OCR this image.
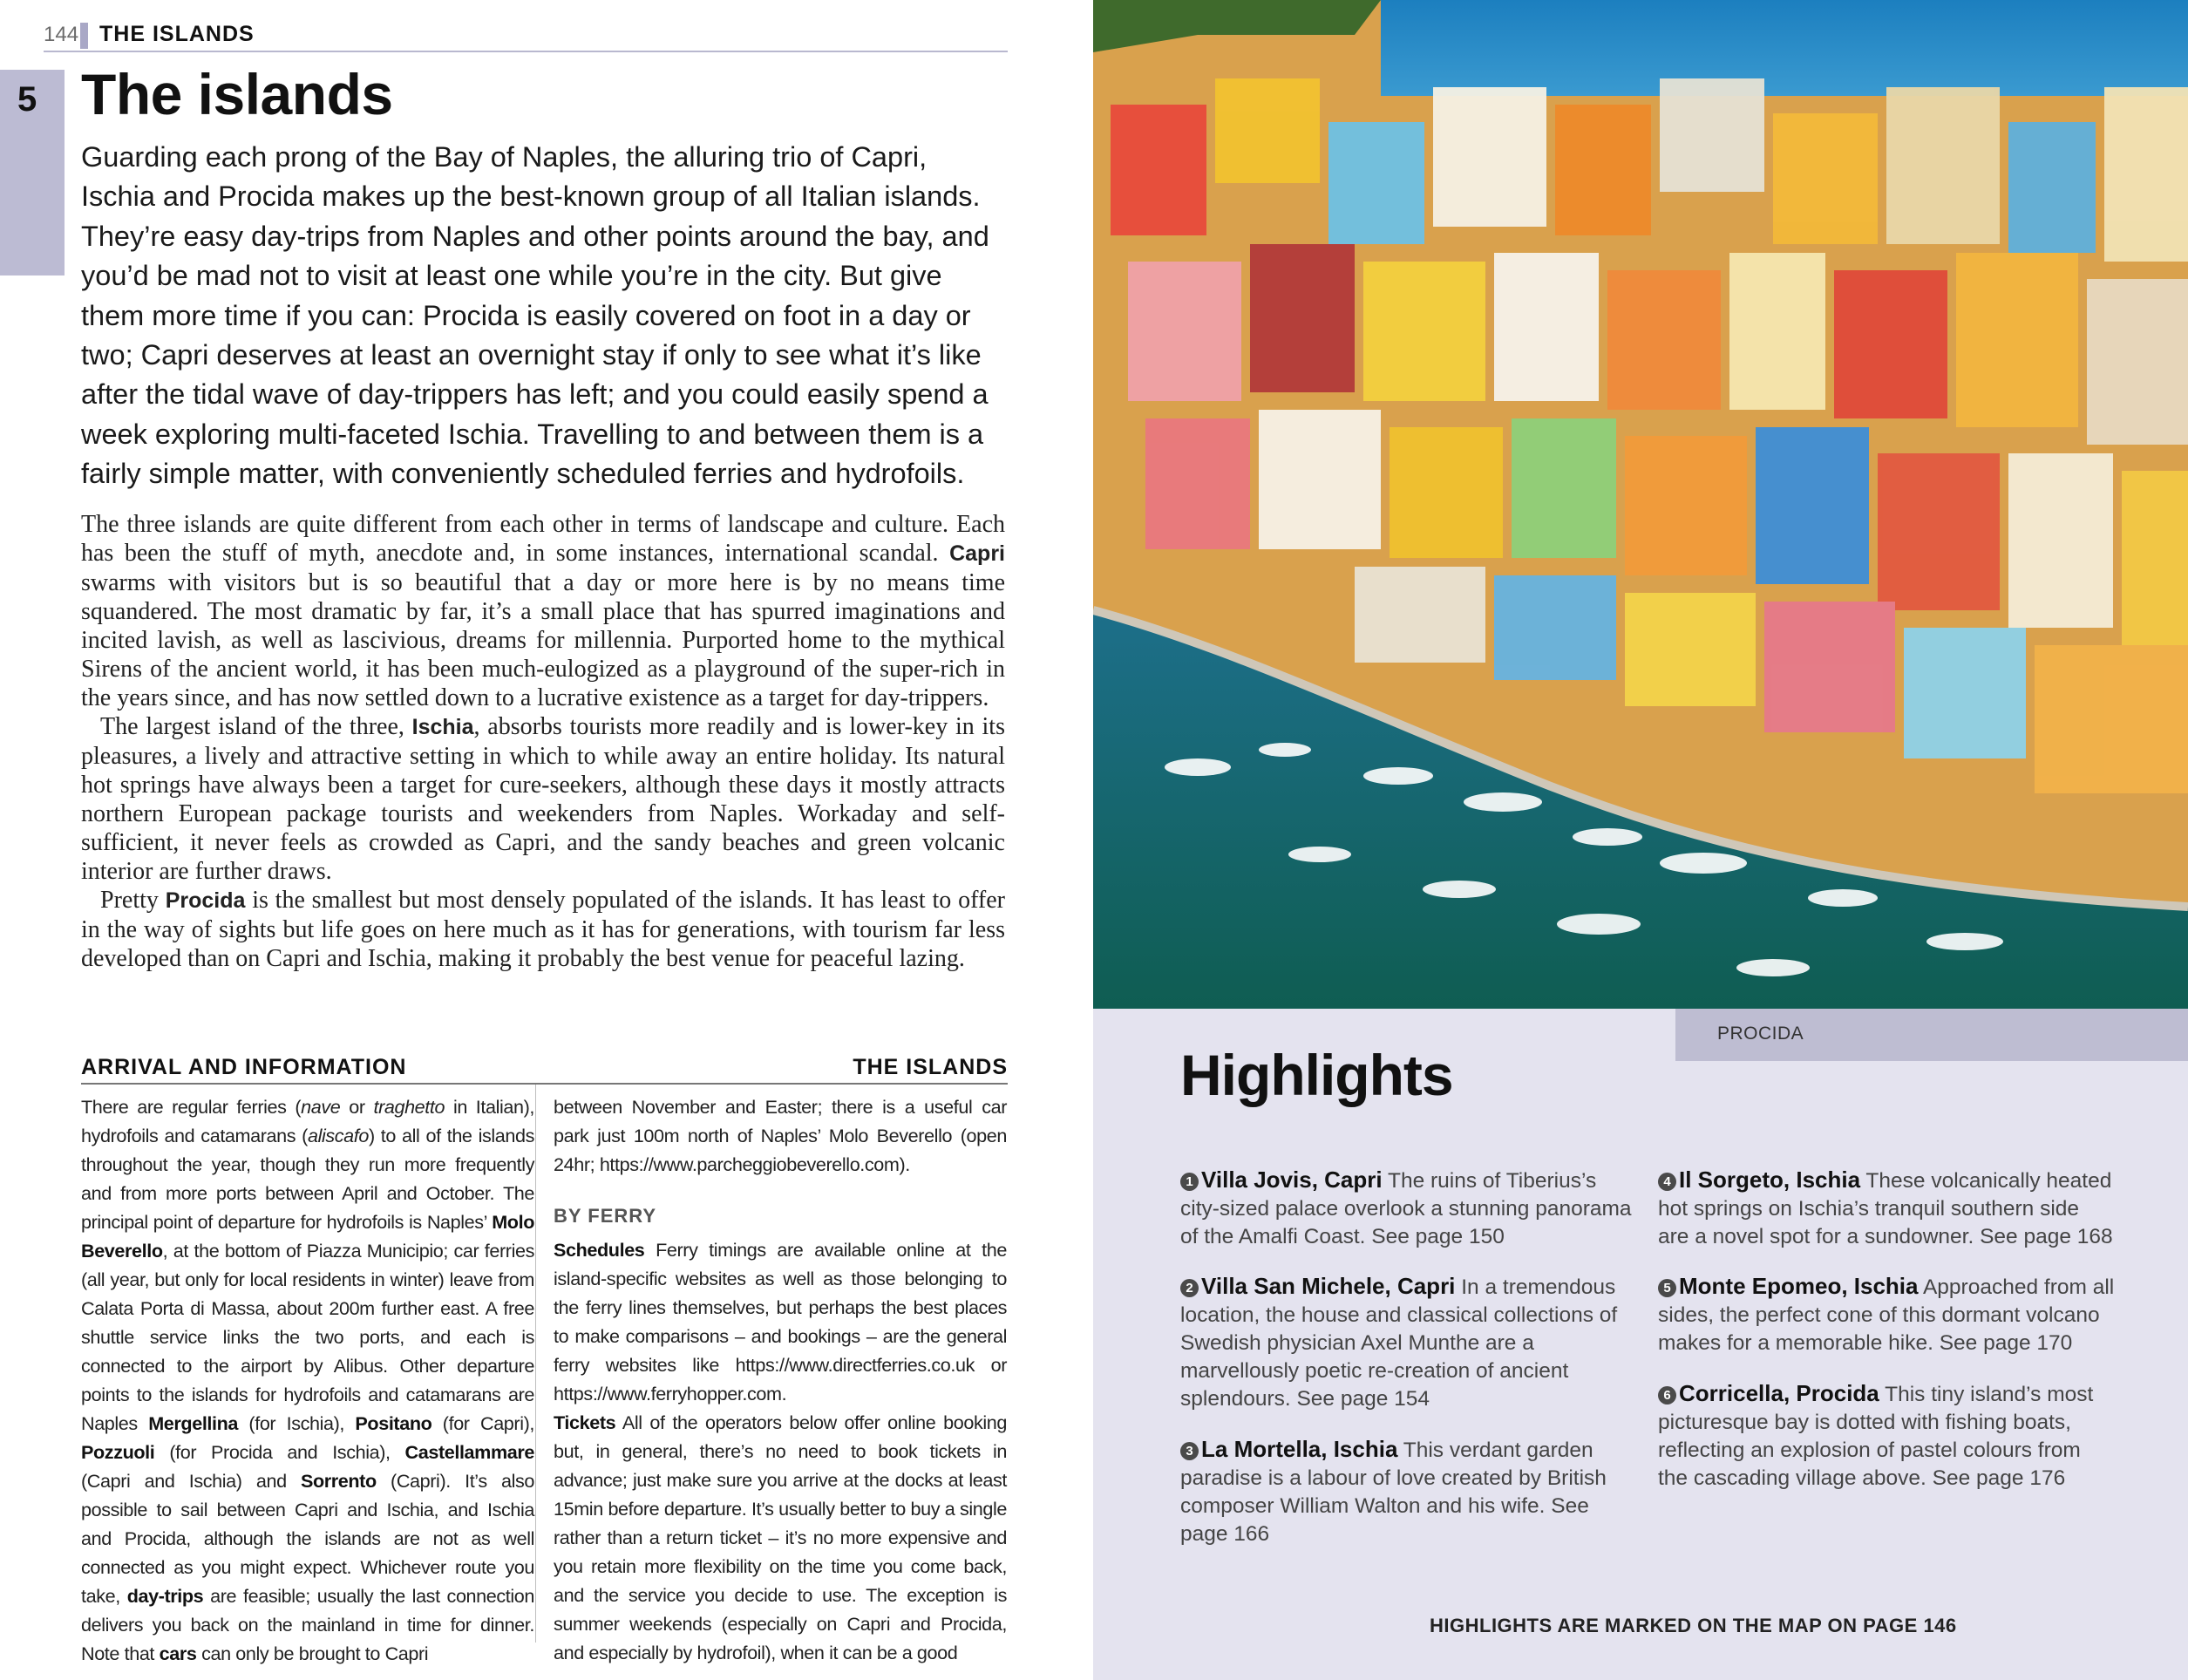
144 THE ISLANDS
5 The islands

Guarding each prong of the Bay of Naples, the alluring trio of Capri, Ischia and Procida makes up the best-known group of all Italian islands. They’re easy day-trips from Naples and other points around the bay, and you’d be mad not to visit at least one while you’re in the city. But give them more time if you can: Procida is easily covered on foot in a day or two; Capri deserves at least an overnight stay if only to see what it’s like after the tidal wave of day-trippers has left; and you could easily spend a week exploring multi-faceted Ischia. Travelling to and between them is a fairly simple matter, with conveniently scheduled ferries and hydrofoils.

The three islands are quite different from each other in terms of landscape and culture. Each has been the stuff of myth, anecdote and, in some instances, international scandal. Capri swarms with visitors but is so beautiful that a day or more here is by no means time squandered. The most dramatic by far, it’s a small place that has spurred imaginations and incited lavish, as well as lascivious, dreams for millennia. Purported home to the mythical Sirens of the ancient world, it has been much-eulogized as a playground of the super-rich in the years since, and has now settled down to a lucrative existence as a target for day-trippers.

The largest island of the three, Ischia, absorbs tourists more readily and is lower-key in its pleasures, a lively and attractive setting in which to while away an entire holiday. Its natural hot springs have always been a target for cure-seekers, although these days it mostly attracts northern European package tourists and weekenders from Naples. Workaday and self-sufficient, it never feels as crowded as Capri, and the sandy beaches and green volcanic interior are further draws.

Pretty Procida is the smallest but most densely populated of the islands. It has least to offer in the way of sights but life goes on here much as it has for generations, with tourism far less developed than on Capri and Ischia, making it probably the best venue for peaceful lazing.

ARRIVAL AND INFORMATION	THE ISLANDS

There are regular ferries (nave or traghetto in Italian), hydrofoils and catamarans (aliscafo) to all of the islands throughout the year, though they run more frequently and from more ports between April and October. The principal point of departure for hydrofoils is Naples’ Molo Beverello, at the bottom of Piazza Municipio; car ferries (all year, but only for local residents in winter) leave from Calata Porta di Massa, about 200m further east. A free shuttle service links the two ports, and each is connected to the airport by Alibus. Other departure points to the islands for hydrofoils and catamarans are Naples Mergellina (for Ischia), Positano (for Capri), Pozzuoli (for Procida and Ischia), Castellammare (Capri and Ischia) and Sorrento (Capri). It’s also possible to sail between Capri and Ischia, and Ischia and Procida, although the islands are not as well connected as you might expect. Whichever route you take, day-trips are feasible; usually the last connection delivers you back on the mainland in time for dinner. Note that cars can only be brought to Capri

between November and Easter; there is a useful car park just 100m north of Naples’ Molo Beverello (open 24hr; https://www.parcheggiobeverello.com).

BY FERRY

Schedules Ferry timings are available online at the island-specific websites as well as those belonging to the ferry lines themselves, but perhaps the best places to make comparisons – and bookings – are the general ferry websites like https://www.directferries.co.uk or https://www.ferryhopper.com.

Tickets All of the operators below offer online booking but, in general, there’s no need to book tickets in advance; just make sure you arrive at the docks at least 15min before departure. It’s usually better to buy a single rather than a return ticket – it’s no more expensive and you retain more flexibility on the time you come back, and the service you decide to use. The exception is summer weekends (especially on Capri and Procida, and especially by hydrofoil), when it can be a good

PROCIDA
Highlights

1 Villa Jovis, Capri The ruins of Tiberius’s city-sized palace overlook a stunning panorama of the Amalfi Coast. See page 150

2 Villa San Michele, Capri In a tremendous location, the house and classical collections of Swedish physician Axel Munthe are a marvellously poetic re-creation of ancient splendours. See page 154

3 La Mortella, Ischia This verdant garden paradise is a labour of love created by British composer William Walton and his wife. See page 166

4 Il Sorgeto, Ischia These volcanically heated hot springs on Ischia’s tranquil southern side are a novel spot for a sundowner. See page 168

5 Monte Epomeo, Ischia Approached from all sides, the perfect cone of this dormant volcano makes for a memorable hike. See page 170

6 Corricella, Procida This tiny island’s most picturesque bay is dotted with fishing boats, reflecting an explosion of pastel colours from the cascading village above. See page 176

HIGHLIGHTS ARE MARKED ON THE MAP ON PAGE 146
